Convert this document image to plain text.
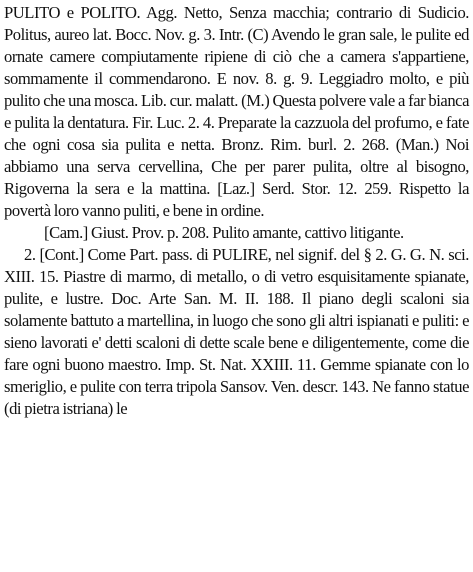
PULITO e POLITO. Agg. Netto, Senza macchia; contrario di Sudicio. Politus, aureo lat. Bocc. Nov. g. 3. Intr. (C) Avendo le gran sale, le pulite ed ornate camere compiutamente ripiene di ciò che a camera s'appartiene, sommamente il commendarono. E nov. 8. g. 9. Leggiadro molto, e più pulito che una mosca. Lib. cur. malatt. (M.) Questa polvere vale a far bianca e pulita la dentatura. Fir. Luc. 2. 4. Preparate la cazzuola del profumo, e fate che ogni cosa sia pulita e netta. Bronz. Rim. burl. 2. 268. (Man.) Noi abbiamo una serva cervellina, Che per parer pulita, oltre al bisogno, Rigoverna la sera e la mattina. [Laz.] Serd. Stor. 12. 259. Rispetto la povertà loro vanno puliti, e bene in ordine.

[Cam.] Giust. Prov. p. 208. Pulito amante, cattivo litigante.

2. [Cont.] Come Part. pass. di PULIRE, nel signif. del § 2. G. G. N. sci. XIII. 15. Piastre di marmo, di metallo, o di vetro esquisitamente spianate, pulite, e lustre. Doc. Arte San. M. II. 188. Il piano degli scaloni sia solamente battuto a martellina, in luogo che sono gli altri ispianati e puliti: e sieno lavorati e' detti scaloni di dette scale bene e diligentemente, come die fare ogni buono maestro. Imp. St. Nat. XXIII. 11. Gemme spianate con lo smeriglio, e pulite con terra tripola Sansov. Ven. descr. 143. Ne fanno statue (di pietra istriana) le
